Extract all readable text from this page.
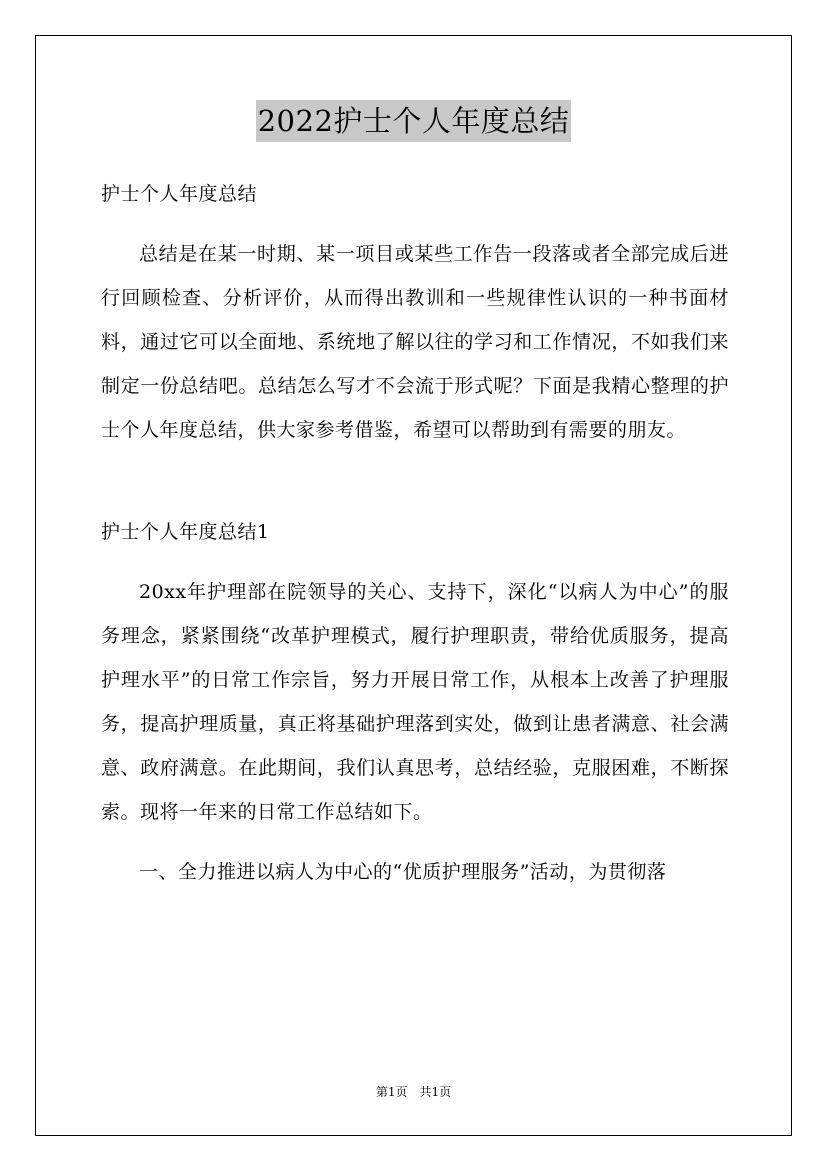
2022护士个人年度总结

护士个人年度总结

总结是在某一时期、某一项目或某些工作告一段落或者全部完成后进行回顾检查、分析评价，从而得出教训和一些规律性认识的一种书面材料，通过它可以全面地、系统地了解以往的学习和工作情况，不如我们来制定一份总结吧。总结怎么写才不会流于形式呢？下面是我精心整理的护士个人年度总结，供大家参考借鉴，希望可以帮助到有需要的朋友。

护士个人年度总结1

20xx年护理部在院领导的关心、支持下，深化“以病人为中心”的服务理念，紧紧围绕“改革护理模式，履行护理职责，带给优质服务，提高护理水平”的日常工作宗旨，努力开展日常工作，从根本上改善了护理服务，提高护理质量，真正将基础护理落到实处，做到让患者满意、社会满意、政府满意。在此期间，我们认真思考，总结经验，克服困难，不断探索。现将一年来的日常工作总结如下。

一、全力推进以病人为中心的“优质护理服务”活动，为贯彻落

第1页　共1页
